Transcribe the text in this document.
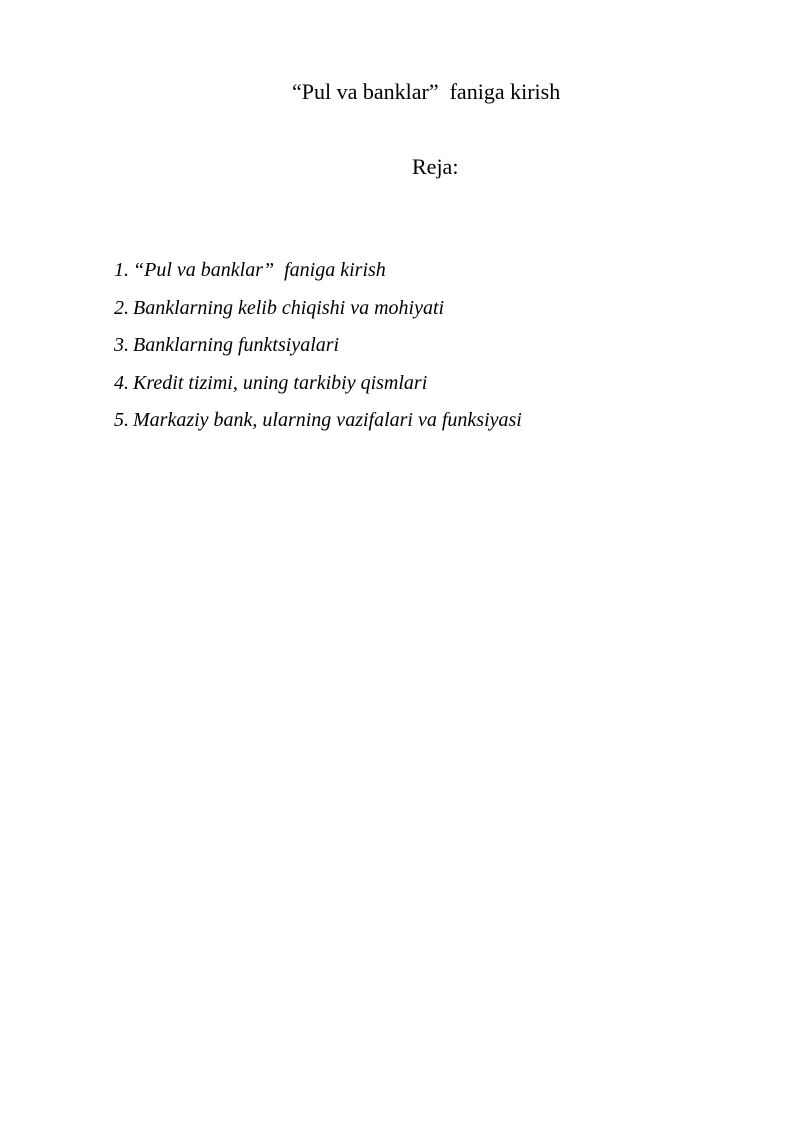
“Pul va banklar”  faniga kirish
Reja:
1. “Pul va banklar”  faniga kirish
2. Banklarning kelib chiqishi va mohiyati
3. Banklarning funktsiyalari
4. Kredit tizimi, uning tarkibiy qismlari
5. Markaziy bank, ularning vazifalari va funksiyasi
